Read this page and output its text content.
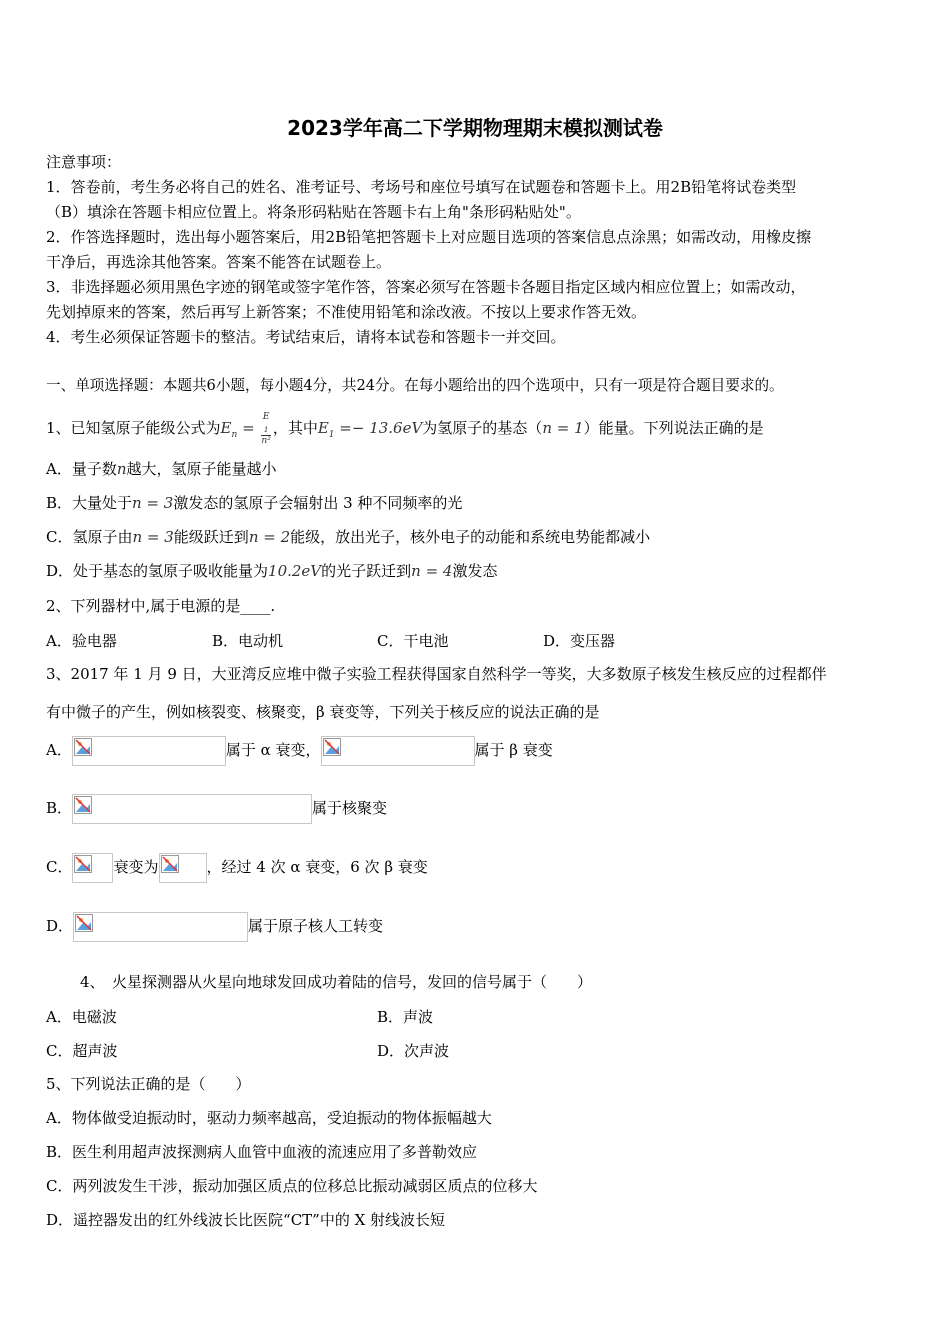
2023学年高二下学期物理期末模拟测试卷
注意事项：
1．答卷前，考生务必将自己的姓名、准考证号、考场号和座位号填写在试题卷和答题卡上。用2B铅笔将试卷类型
（B）填涂在答题卡相应位置上。将条形码粘贴在答题卡右上角"条形码粘贴处"。
2．作答选择题时，选出每小题答案后，用2B铅笔把答题卡上对应题目选项的答案信息点涂黑；如需改动，用橡皮擦
干净后，再选涂其他答案。答案不能答在试题卷上。
3．非选择题必须用黑色字迹的钢笔或签字笔作答，答案必须写在答题卡各题目指定区域内相应位置上；如需改动，
先划掉原来的答案，然后再写上新答案；不准使用铅笔和涂改液。不按以上要求作答无效。
4．考生必须保证答题卡的整洁。考试结束后，请将本试卷和答题卡一并交回。
一、单项选择题：本题共6小题，每小题4分，共24分。在每小题给出的四个选项中，只有一项是符合题目要求的。
1、已知氢原子能级公式为$E_n = E$
$_1$
n² ，其中$E_1 =- 13.6eV$为氢原子的基态（n = 1）能量。下列说法正确的是
A．量子数n越大，氢原子能量越小
B．大量处于n = 3激发态的氢原子会辐射出 3 种不同频率的光
C．氢原子由n = 3能级跃迁到n = 2能级，放出光子，核外电子的动能和系统电势能都减小
D．处于基态的氢原子吸收能量为10.2eV的光子跃迁到n = 4激发态
2、下列器材中,属于电源的是____.
A．验电器	B．电动机	C．干电池	D．变压器
3、2017 年 1 月 9 日，大亚湾反应堆中微子实验工程获得国家自然科学一等奖，大多数原子核发生核反应的过程都伴
有中微子的产生，例如核裂变、核聚变，β 衰变等，下列关于核反应的说法正确的是
A．	属于 α 衰变，	属于 β 衰变
B．	属于核聚变
C．	衰变为	，经过 4 次 α 衰变，6 次 β 衰变
D．	属于原子核人工转变
4、　火星探测器从火星向地球发回成功着陆的信号，发回的信号属于（　　）
A．电磁波	B．声波
C．超声波	D．次声波
5、下列说法正确的是（　　）
A．物体做受迫振动时，驱动力频率越高，受迫振动的物体振幅越大
B．医生利用超声波探测病人血管中血液的流速应用了多普勒效应
C．两列波发生干涉，振动加强区质点的位移总比振动减弱区质点的位移大
D．遥控器发出的红外线波长比医院“CT”中的 X 射线波长短
